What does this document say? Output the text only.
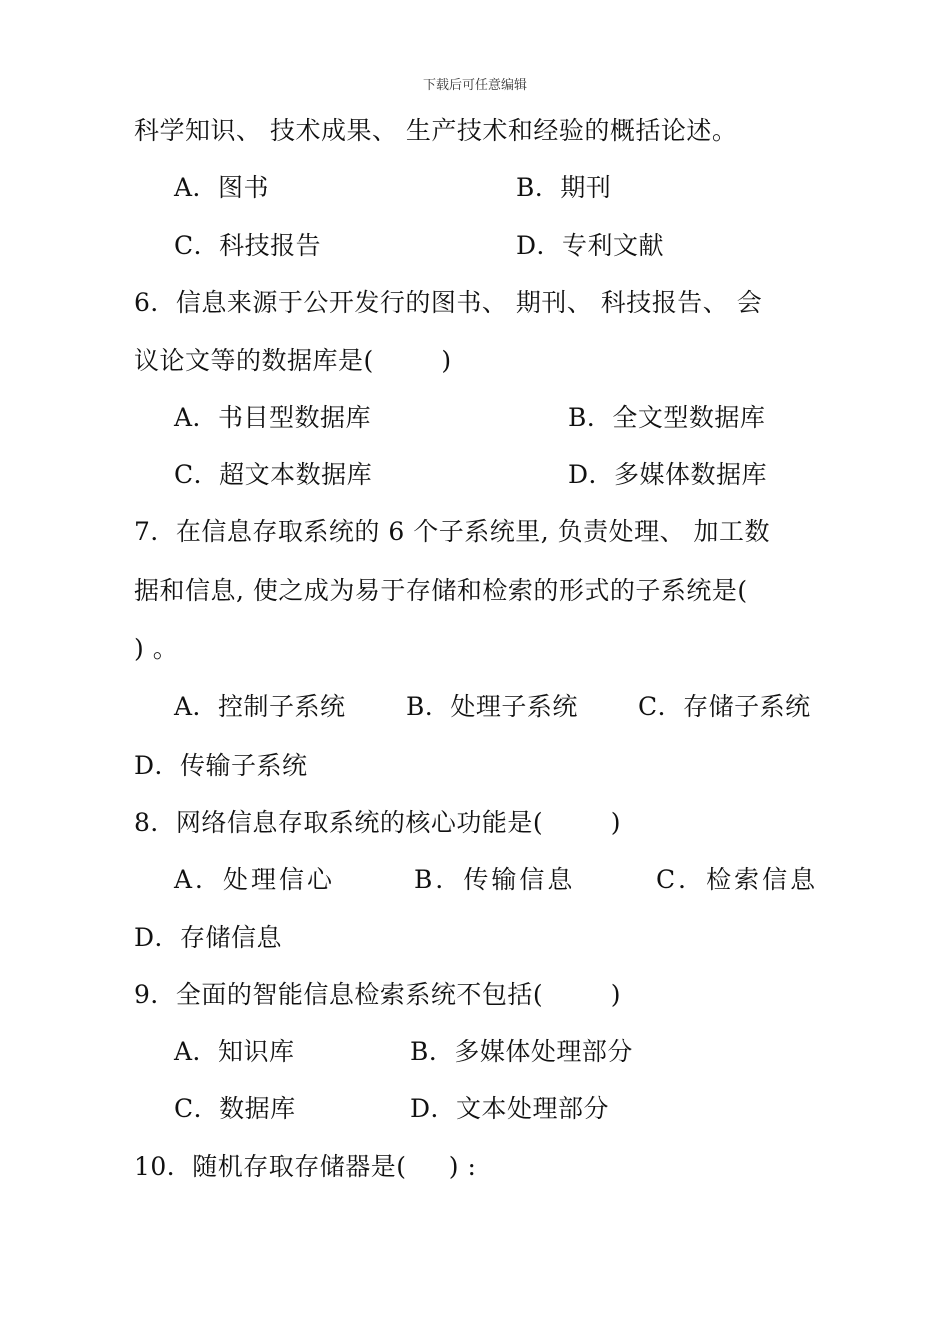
下载后可任意编辑
科学知识、 技术成果、 生产技术和经验的概括论述。
A．图书	B．期刊
C．科技报告	D．专利文献
6．信息来源于公开发行的图书、 期刊、 科技报告、 会
议论文等的数据库是(        )
A．书目型数据库	B．全文型数据库
C．超文本数据库	D．多媒体数据库
7．在信息存取系统的 6 个子系统里, 负责处理、 加工数
据和信息, 使之成为易于存储和检索的形式的子系统是(
) 。
A．控制子系统 B．处理子系统 C．存储子系统
D．传输子系统
8．网络信息存取系统的核心功能是(        )
A．处理信心	B．传输信息	C．检索信息
D．存储信息
9．全面的智能信息检索系统不包括(        )
A．知识库	B．多媒体处理部分
C．数据库	D．文本处理部分
10．随机存取存储器是(     ) :
